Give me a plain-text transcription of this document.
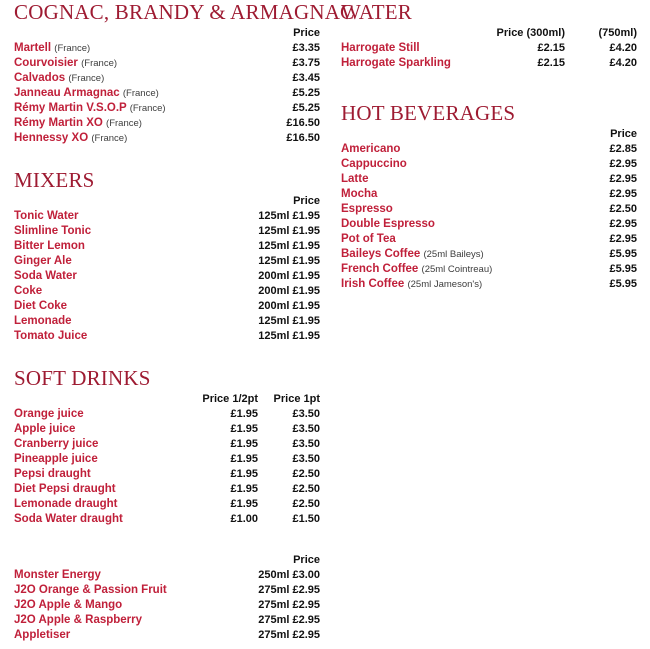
COGNAC, BRANDY & ARMAGNAC
Price
Martell (France)	£3.35
Courvoisier (France)	£3.75
Calvados (France)	£3.45
Janneau Armagnac (France)	£5.25
Rémy Martin V.S.O.P (France)	£5.25
Rémy Martin XO (France)	£16.50
Hennessy XO (France)	£16.50
MIXERS
Price
Tonic Water	125ml £1.95
Slimline Tonic	125ml £1.95
Bitter Lemon	125ml £1.95
Ginger Ale	125ml £1.95
Soda Water	200ml £1.95
Coke	200ml £1.95
Diet Coke	200ml £1.95
Lemonade	125ml £1.95
Tomato Juice	125ml £1.95
SOFT DRINKS
Price 1/2pt	Price 1pt
Orange juice	£1.95	£3.50
Apple juice	£1.95	£3.50
Cranberry juice	£1.95	£3.50
Pineapple juice	£1.95	£3.50
Pepsi draught	£1.95	£2.50
Diet Pepsi draught	£1.95	£2.50
Lemonade draught	£1.95	£2.50
Soda Water draught	£1.00	£1.50
Price
Monster Energy	250ml £3.00
J2O Orange & Passion Fruit	275ml £2.95
J2O Apple & Mango	275ml £2.95
J2O Apple & Raspberry	275ml £2.95
Appletiser	275ml £2.95
WATER
Price (300ml)	(750ml)
Harrogate Still	£2.15	£4.20
Harrogate Sparkling	£2.15	£4.20
HOT BEVERAGES
Price
Americano	£2.85
Cappuccino	£2.95
Latte	£2.95
Mocha	£2.95
Espresso	£2.50
Double Espresso	£2.95
Pot of Tea	£2.95
Baileys Coffee (25ml Baileys)	£5.95
French Coffee (25ml Cointreau)	£5.95
Irish Coffee (25ml Jameson's)	£5.95
